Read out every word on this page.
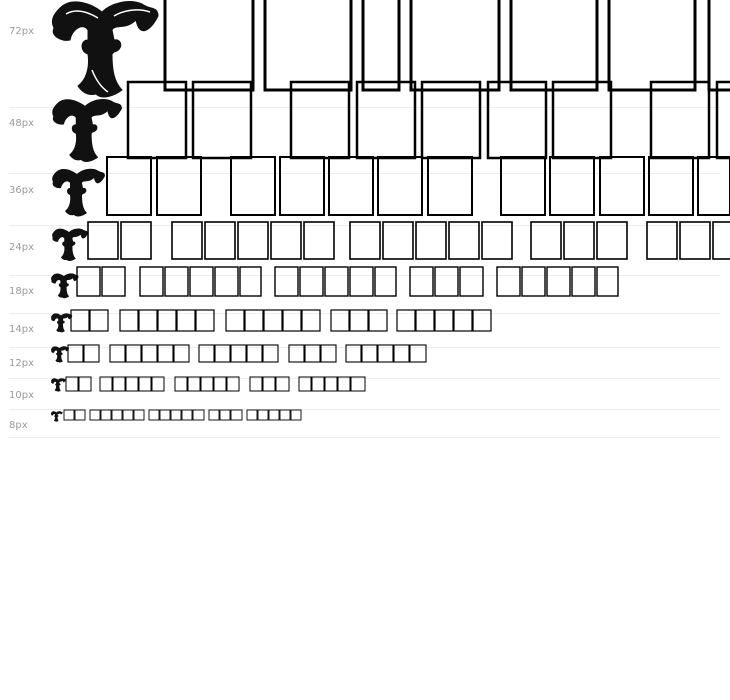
72px
48px
36px
24px
18px
14px
12px
10px
8px
